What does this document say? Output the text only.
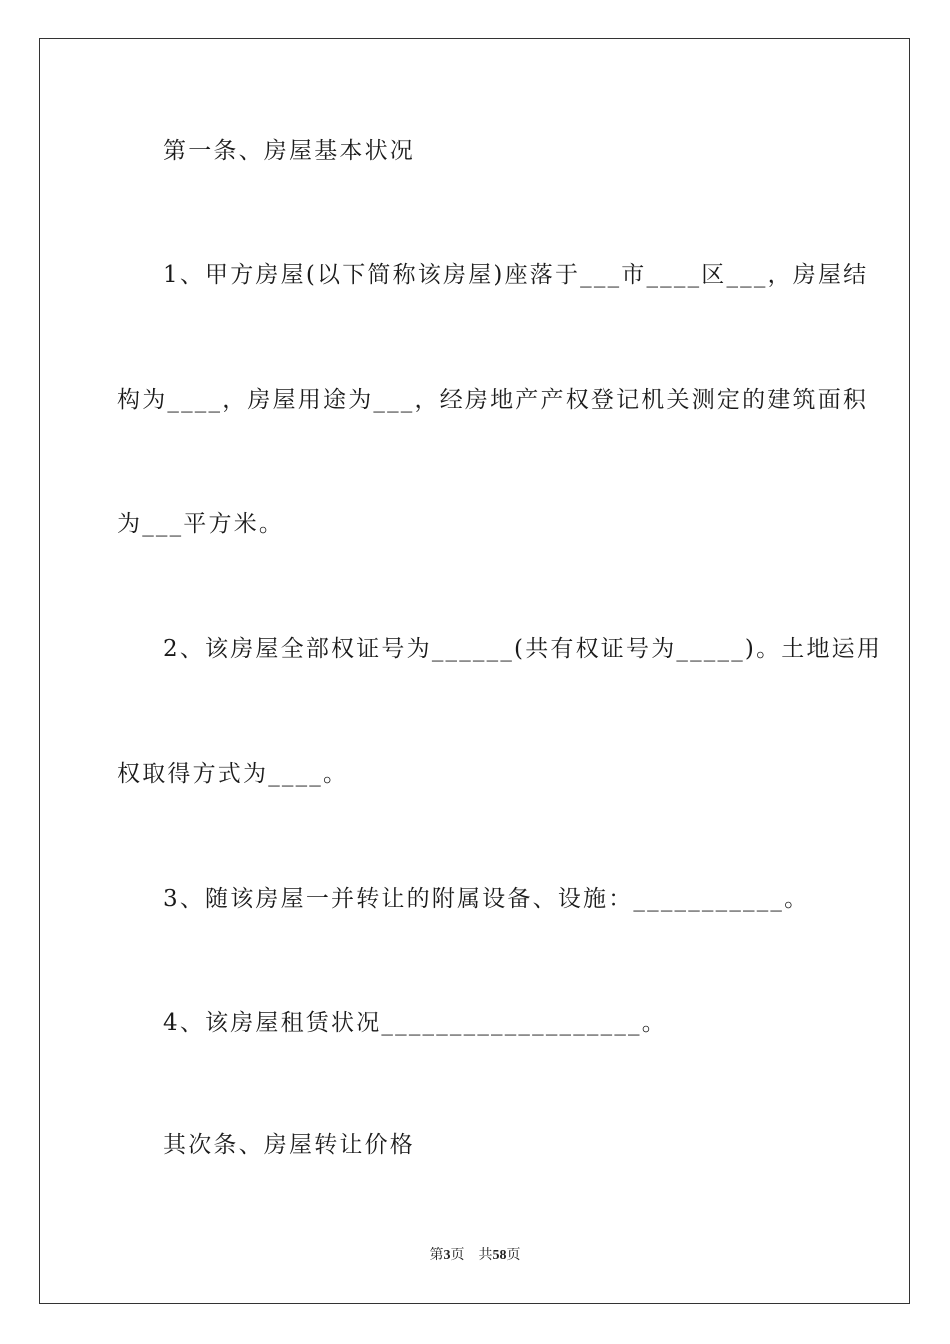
第一条、房屋基本状况
1、甲方房屋(以下简称该房屋)座落于___市____区___，房屋结
构为____，房屋用途为___，经房地产产权登记机关测定的建筑面积
为___平方米。
2、该房屋全部权证号为______(共有权证号为_____)。土地运用
权取得方式为____。
3、随该房屋一并转让的附属设备、设施：___________。
4、该房屋租赁状况___________________。
其次条、房屋转让价格
第3页 共58页
